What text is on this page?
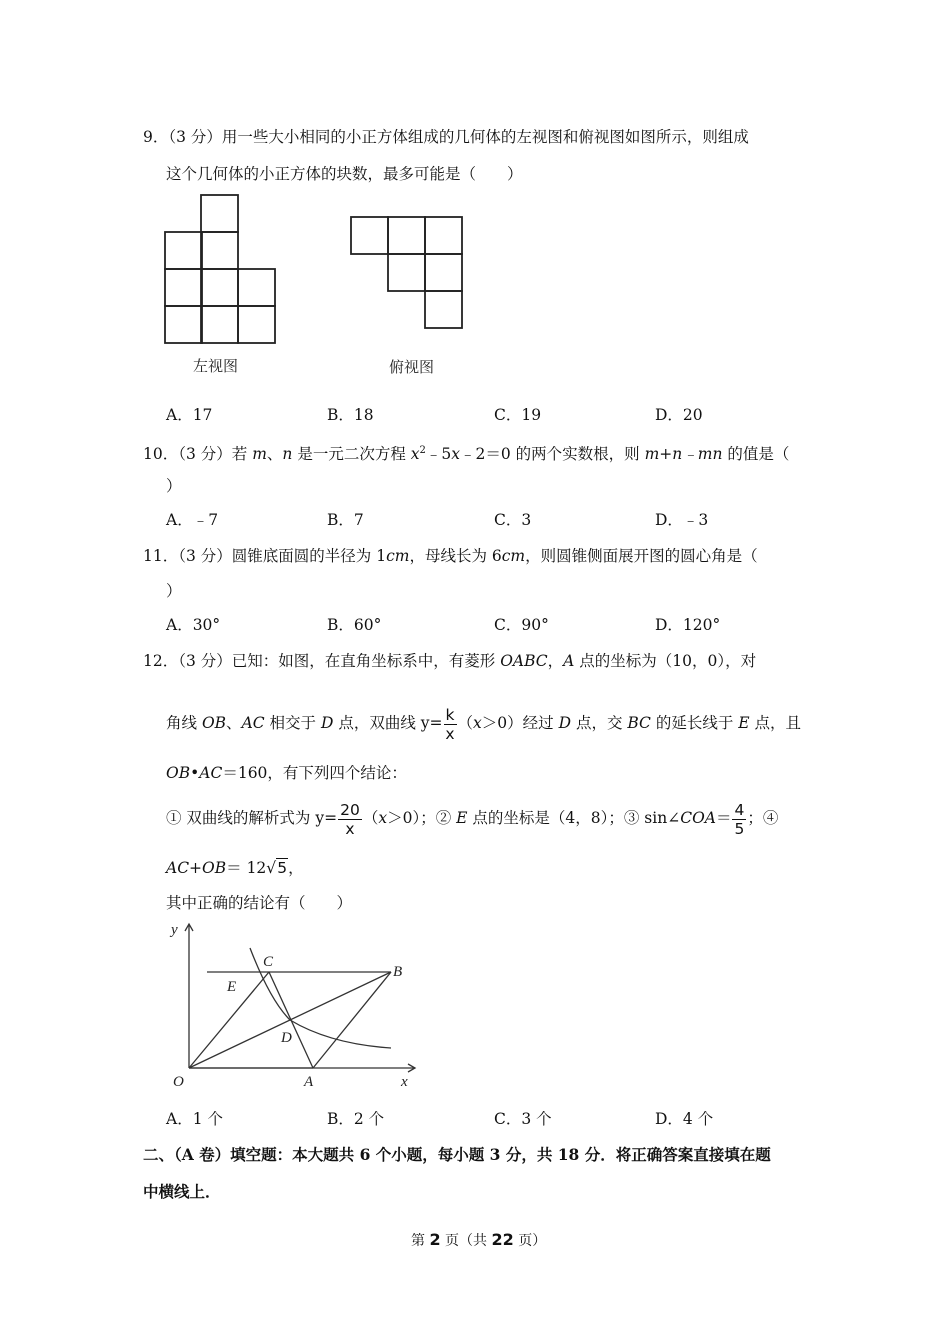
9．（3 分）用一些大小相同的小正方体组成的几何体的左视图和俯视图如图所示，则组成
这个几何体的小正方体的块数，最多可能是（　　）
左视图	俯视图
A．17	B．18	C．19	D．20
10．（3 分）若 m、n 是一元二次方程 $x^2﹣5x﹣2=0$ 的两个实数根，则 m+n﹣mn 的值是（
）
A．﹣7	B．7	C．3	D．﹣3
11．（3 分）圆锥底面圆的半径为 1cm，母线长为 6cm，则圆锥侧面展开图的圆心角是（
）
A．30°	B．60°	C．90°	D．120°
12．（3 分）已知：如图，在直角坐标系中，有菱形 OABC，A 点的坐标为（10，0），对
角线 OB、AC 相交于 D 点，双曲线 $y= \frac{k}{x} (x>0)$经过 D 点，交 BC 的延长线于 E 点，且
OB•AC＝160，有下列四个结论：
① 双曲线的解析式为 $y= \frac{20}{x} (x>0)$；② E 点的坐标是（4，8）；③ sin∠COA＝ $\frac{4}{5}$ ；④
AC+OB＝ 12√5，
其中正确的结论有（　　）
y
x
O	A
B
C
D
E
A．1 个	B．2 个	C．3 个	D．4 个
二、（A 卷）填空题：本大题共 6 个小题，每小题 3 分，共 18 分．将正确答案直接填在题
中横线上．
第 2 页（共 22 页）
